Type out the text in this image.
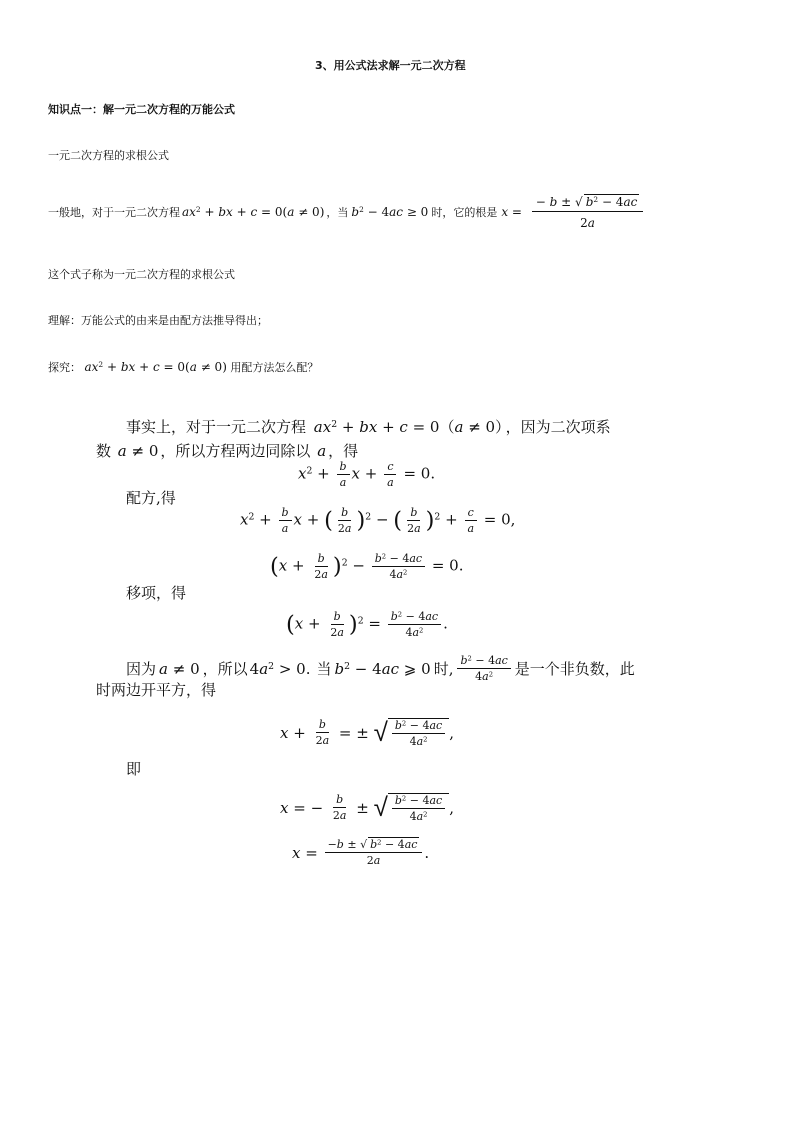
3、用公式法求解一元二次方程
知识点一：解一元二次方程的万能公式
一元二次方程的求根公式
一般地，对于一元二次方程 $ax^2$ + bx + c = 0(a ≠ 0) ，当 $b^2 - 4ac \ge 0$ 时，它的根是 $x = \frac{- b \pm √ b^2 - 4ac}{2a}$
这个式子称为一元二次方程的求根公式
理解：万能公式的由来是由配方法推导得出；
探究： $ax^2$ + bx + c = 0(a ≠ 0) 用配方法怎么配？
事实上，对于一元二次方程 $ax^2$ + bx + c = 0（a ≠ 0） ，因为二次项系
数 a ≠ 0 ，所以方程两边同除以 a ，得
$x^2 + \frac{b}{a}$ $x + \frac{c}{a} = 0$.
配方,得
$x^2 + \frac{b}{a}$ x + ( $\frac{b}{2a} )^2$ − ( $\frac{b}{2a} )^2 + \frac{c}{a} = 0$,
$(x + \frac{b}{2a} )^2 - \frac{b^2 - 4ac}{4a^2} = 0$.
移项，得
$(x + \frac{b}{2a} )^2 = \frac{b^2 - 4ac}{4a^2}$ .
因为 a ≠ 0 ，所以 $4a^2 > 0$. 当 $b^2 - 4ac$ ⩾ 0 时, $\frac{b^2 - 4ac}{4a^2}$ 是一个非负数，此
时两边开平方，得
$x + \frac{b}{2a}$ = ± √ $\frac{b^2 - 4ac}{4a^2}$ ,
即
x = − $\frac{b}{2a}$ ± √ $\frac{b^2 - 4ac}{4a^2}$ ,
$x = \frac{-b \pm √ b^2 - 4ac}{2a}$ .
